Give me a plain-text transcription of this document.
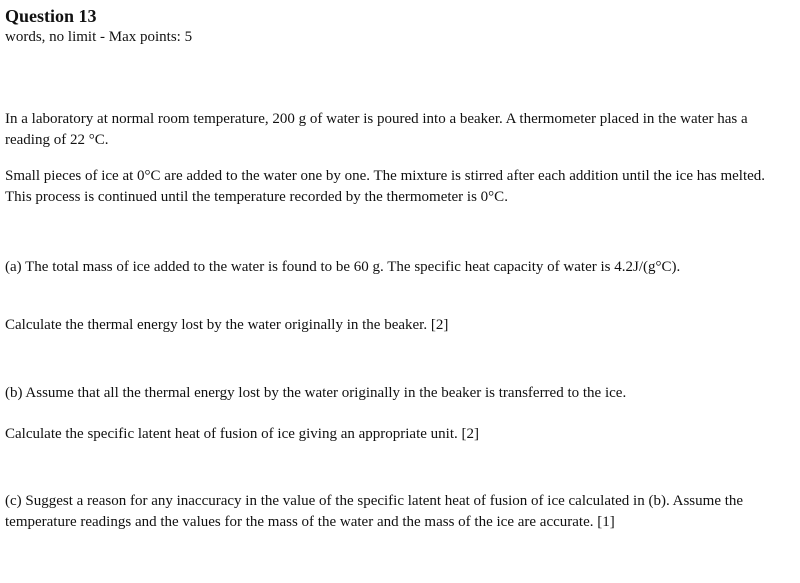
Question 13
words, no limit - Max points: 5

In a laboratory at normal room temperature, 200 g of water is poured into a beaker. A thermometer placed in the water has a reading of 22 °C.

Small pieces of ice at 0°C are added to the water one by one. The mixture is stirred after each addition until the ice has melted. This process is continued until the temperature recorded by the thermometer is 0°C.

(a) The total mass of ice added to the water is found to be 60 g. The specific heat capacity of water is 4.2J/(g°C).

Calculate the thermal energy lost by the water originally in the beaker. [2]

(b) Assume that all the thermal energy lost by the water originally in the beaker is transferred to the ice.

Calculate the specific latent heat of fusion of ice giving an appropriate unit. [2]

(c) Suggest a reason for any inaccuracy in the value of the specific latent heat of fusion of ice calculated in (b). Assume the temperature readings and the values for the mass of the water and the mass of the ice are accurate. [1]
